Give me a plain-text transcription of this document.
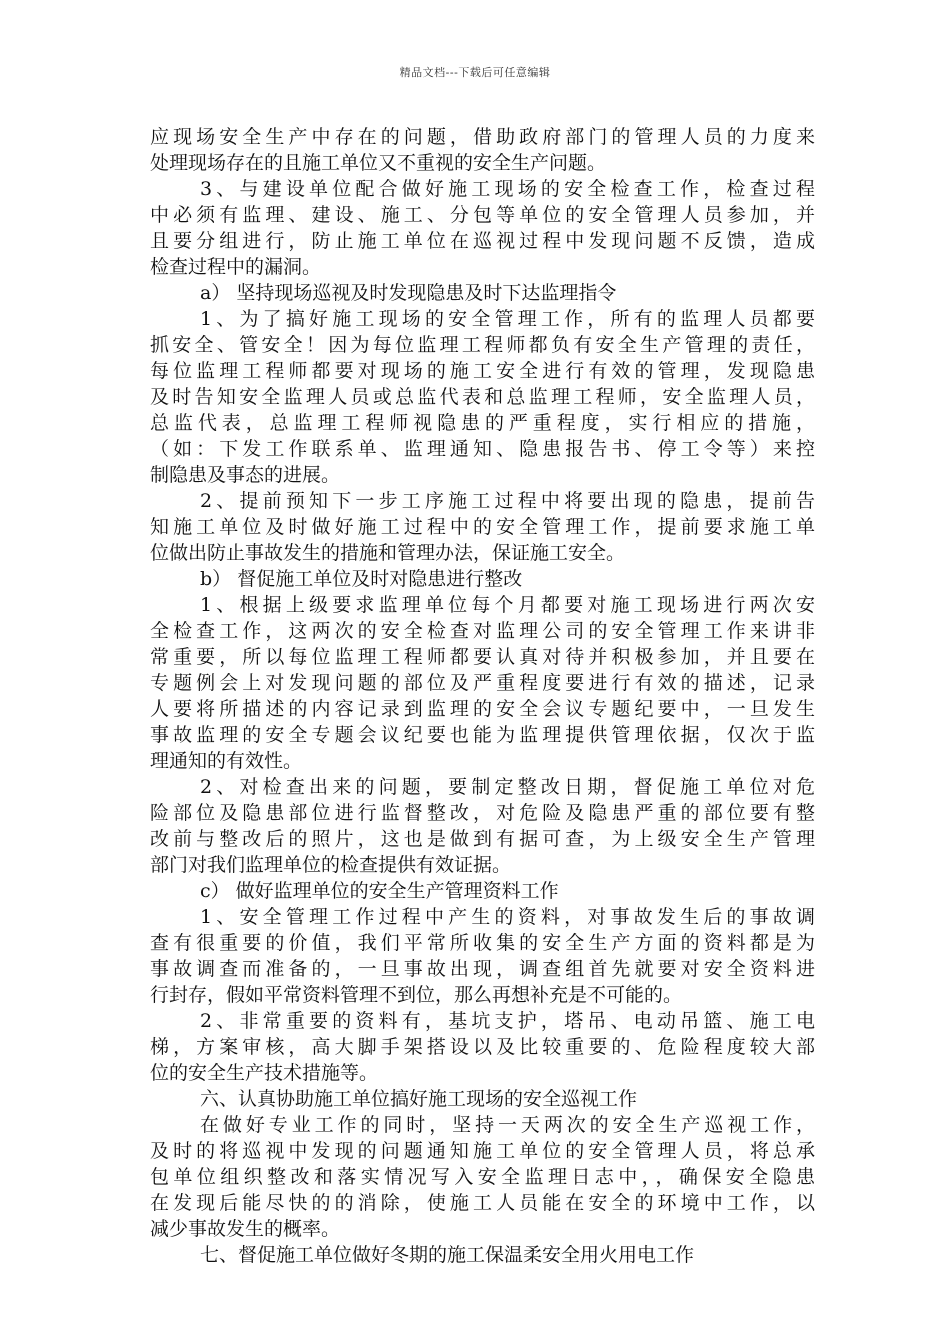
精品文档---下载后可任意编辑
应现场安全生产中存在的问题，借助政府部门的管理人员的力度来
处理现场存在的且施工单位又不重视的安全生产问题。
3、与建设单位配合做好施工现场的安全检查工作，检查过程
中必须有监理、建设、施工、分包等单位的安全管理人员参加，并
且要分组进行，防止施工单位在巡视过程中发现问题不反馈，造成
检查过程中的漏洞。
a） 坚持现场巡视及时发现隐患及时下达监理指令
1、为了搞好施工现场的安全管理工作，所有的监理人员都要
抓安全、管安全！因为每位监理工程师都负有安全生产管理的责任，
每位监理工程师都要对现场的施工安全进行有效的管理，发现隐患
及时告知安全监理人员或总监代表和总监理工程师，安全监理人员，
总监代表，总监理工程师视隐患的严重程度，实行相应的措施，
（如：下发工作联系单、监理通知、隐患报告书、停工令等）来控
制隐患及事态的进展。
2、提前预知下一步工序施工过程中将要出现的隐患，提前告
知施工单位及时做好施工过程中的安全管理工作，提前要求施工单
位做出防止事故发生的措施和管理办法，保证施工安全。
b） 督促施工单位及时对隐患进行整改
1、根据上级要求监理单位每个月都要对施工现场进行两次安
全检查工作，这两次的安全检查对监理公司的安全管理工作来讲非
常重要，所以每位监理工程师都要认真对待并积极参加，并且要在
专题例会上对发现问题的部位及严重程度要进行有效的描述，记录
人要将所描述的内容记录到监理的安全会议专题纪要中，一旦发生
事故监理的安全专题会议纪要也能为监理提供管理依据，仅次于监
理通知的有效性。
2、对检查出来的问题，要制定整改日期，督促施工单位对危
险部位及隐患部位进行监督整改，对危险及隐患严重的部位要有整
改前与整改后的照片，这也是做到有据可查，为上级安全生产管理
部门对我们监理单位的检查提供有效证据。
c） 做好监理单位的安全生产管理资料工作
1、安全管理工作过程中产生的资料，对事故发生后的事故调
查有很重要的价值，我们平常所收集的安全生产方面的资料都是为
事故调查而准备的，一旦事故出现，调查组首先就要对安全资料进
行封存，假如平常资料管理不到位，那么再想补充是不可能的。
2、非常重要的资料有，基坑支护，塔吊、电动吊篮、施工电
梯，方案审核，高大脚手架搭设以及比较重要的、危险程度较大部
位的安全生产技术措施等。
六、认真协助施工单位搞好施工现场的安全巡视工作
在做好专业工作的同时，坚持一天两次的安全生产巡视工作，
及时的将巡视中发现的问题通知施工单位的安全管理人员，将总承
包单位组织整改和落实情况写入安全监理日志中，，确保安全隐患
在发现后能尽快的的消除，使施工人员能在安全的环境中工作，以
减少事故发生的概率。
七、督促施工单位做好冬期的施工保温柔安全用火用电工作
